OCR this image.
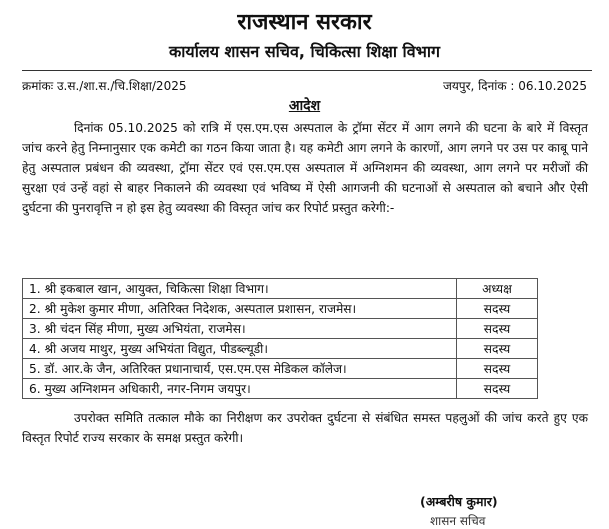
राजस्थान सरकार
कार्यालय शासन सचिव, चिकित्सा शिक्षा विभाग
क्रमांकः उ.स./शा.स./चि.शिक्षा/2025	जयपुर, दिनांक : 06.10.2025
आदेश

दिनांक 05.10.2025 को रात्रि में एस.एम.एस अस्पताल के ट्रॉमा सेंटर में आग लगने की घटना के बारे में विस्तृत जांच करने हेतु निम्नानुसार एक कमेटी का गठन किया जाता है। यह कमेटी आग लगने के कारणों, आग लगने पर उस पर काबू पाने हेतु अस्पताल प्रबंधन की व्यवस्था, ट्रॉमा सेंटर एवं एस.एम.एस अस्पताल में अग्निशमन की व्यवस्था, आग लगने पर मरीजों की सुरक्षा एवं उन्हें वहां से बाहर निकालने की व्यवस्था एवं भविष्य में ऐसी आगजनी की घटनाओं से अस्पताल को बचाने और ऐसी दुर्घटना की पुनरावृत्ति न हो इस हेतु व्यवस्था की विस्तृत जांच कर रिपोर्ट प्रस्तुत करेगी:-

1. श्री इकबाल खान, आयुक्त, चिकित्सा शिक्षा विभाग।	अध्यक्ष
2. श्री मुकेश कुमार मीणा, अतिरिक्त निदेशक, अस्पताल प्रशासन, राजमेस।	सदस्य
3. श्री चंदन सिंह मीणा, मुख्य अभियंता, राजमेस।	सदस्य
4. श्री अजय माथुर, मुख्य अभियंता विद्युत, पीडब्ल्यूडी।	सदस्य
5. डॉ. आर.के जैन, अतिरिक्त प्रधानाचार्य, एस.एम.एस मेडिकल कॉलेज।	सदस्य
6. मुख्य अग्निशमन अधिकारी, नगर-निगम जयपुर।	सदस्य

उपरोक्त समिति तत्काल मौके का निरीक्षण कर उपरोक्त दुर्घटना से संबंधित समस्त पहलुओं की जांच करते हुए एक विस्तृत रिपोर्ट राज्य सरकार के समक्ष प्रस्तुत करेगी।

(अम्बरीष कुमार)
शासन सचिव
